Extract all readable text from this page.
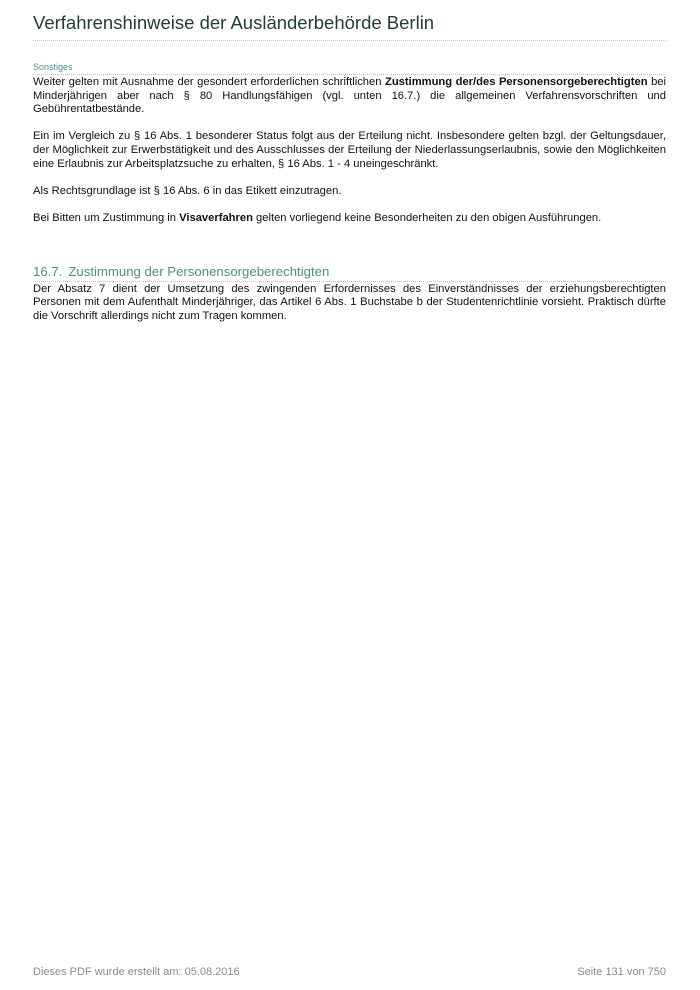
Verfahrenshinweise der Ausländerbehörde Berlin
Sonstiges

Weiter gelten mit Ausnahme der gesondert erforderlichen schriftlichen Zustimmung der/des Personensorgeberechtigten bei Minderjährigen aber nach § 80 Handlungsfähigen (vgl. unten 16.7.) die allgemeinen Verfahrensvorschriften und Gebührentatbestände.

Ein im Vergleich zu § 16 Abs. 1 besonderer Status folgt aus der Erteilung nicht. Insbesondere gelten bzgl. der Geltungsdauer, der Möglichkeit zur Erwerbstätigkeit und des Ausschlusses der Erteilung der Niederlassungserlaubnis, sowie den Möglichkeiten eine Erlaubnis zur Arbeitsplatzsuche zu erhalten, § 16 Abs. 1 - 4 uneingeschränkt.

Als Rechtsgrundlage ist § 16 Abs. 6 in das Etikett einzutragen.

Bei Bitten um Zustimmung in Visaverfahren gelten vorliegend keine Besonderheiten zu den obigen Ausführungen.

16.7. Zustimmung der Personensorgeberechtigten

Der Absatz 7 dient der Umsetzung des zwingenden Erfordernisses des Einverständnisses der erziehungsberechtigten Personen mit dem Aufenthalt Minderjähriger, das Artikel 6 Abs. 1 Buchstabe b der Studentenrichtlinie vorsieht. Praktisch dürfte die Vorschrift allerdings nicht zum Tragen kommen.

Dieses PDF wurde erstellt am: 05.08.2016	Seite 131 von 750
